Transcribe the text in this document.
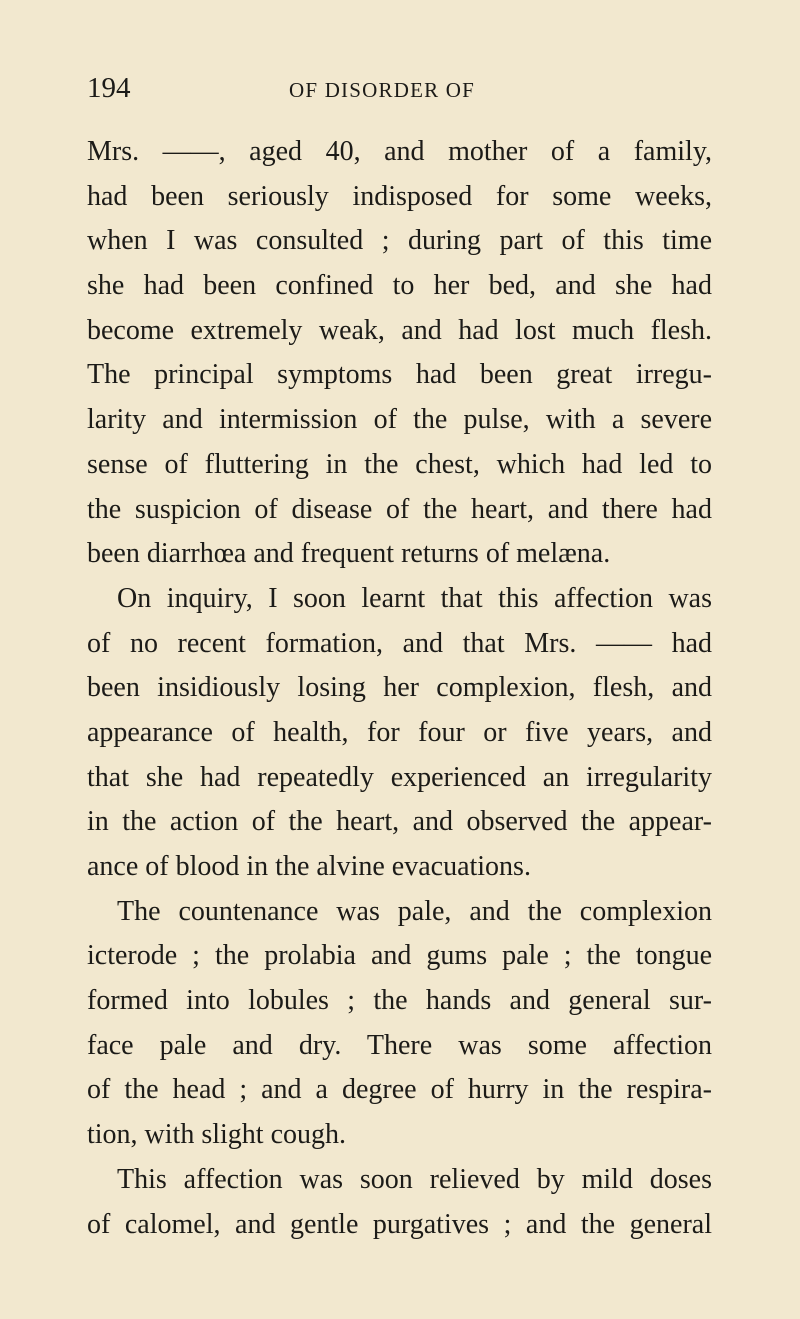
194	OF DISORDER OF
Mrs. ——, aged 40, and mother of a family,
had been seriously indisposed for some weeks,
when I was consulted ; during part of this time
she had been confined to her bed, and she had
become extremely weak, and had lost much flesh.
The principal symptoms had been great irregu-
larity and intermission of the pulse, with a severe
sense of fluttering in the chest, which had led to
the suspicion of disease of the heart, and there had
been diarrhœa and frequent returns of melæna.
On inquiry, I soon learnt that this affection was
of no recent formation, and that Mrs. —— had
been insidiously losing her complexion, flesh, and
appearance of health, for four or five years, and
that she had repeatedly experienced an irregularity
in the action of the heart, and observed the appear-
ance of blood in the alvine evacuations.
The countenance was pale, and the complexion
icterode ; the prolabia and gums pale ; the tongue
formed into lobules ; the hands and general sur-
face pale and dry. There was some affection
of the head ; and a degree of hurry in the respira-
tion, with slight cough.
This affection was soon relieved by mild doses
of calomel, and gentle purgatives ; and the general
